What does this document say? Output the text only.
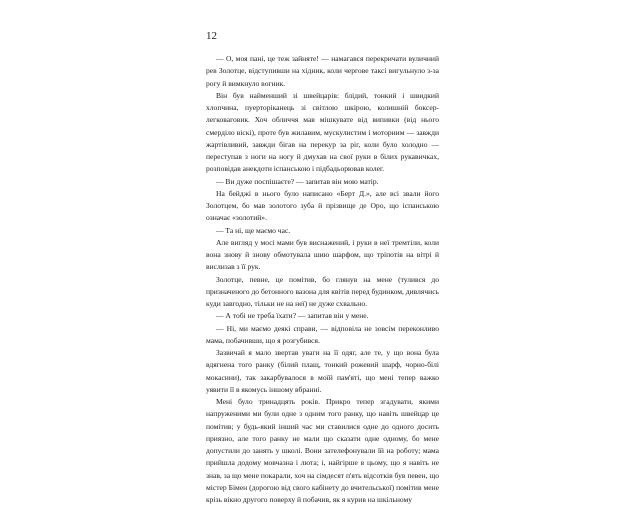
12

— О, моя пані, це теж зайняте! — намагався перекричати вуличний рев Золотце, відступивши на хідник, коли чергове таксі вигульнуло з-за рогу й вимкнуло вогник.

Він був найменший зі швейцарів: блідий, тонкий і швидкий хлопчина, пуерторіканець зі світлою шкірою, колишній боксер-легковаговик. Хоч обличчя мав мішкувате від випивки (від нього смерділо віскі), проте був жилавим, мускулистим і моторним — завжди жартівливий, завжди бігав на перекур за ріг, коли було холодно — переступав з ноги на ногу й дмухав на свої руки в білих рукавичках, розповідав анекдоти іспанською і підбадьорював колег.

— Ви дуже поспішаєте? — запитав він мою матір.

На бейджі в нього було написано «Берт Д.», але всі звали його Золотцем, бо мав золотого зуба й прізвище де Оро, що іспанською означає «золотий».

— Та ні, ще маємо час.

Але вигляд у мосі мами був виснажений, і руки в неї тремтіли, коли вона знову й знову обмотувала шию шарфом, що тріпотів на вітрі й вислизав з її рук.

Золотце, певне, це помітив, бо глянув на мене (тулився до призначеного до бетонного вазона для квітів перед будинком, дивлячись куди завгодно, тільки не на неї) не дуже схвально.

— А тобі не треба їхати? — запитав він у мене.

— Ні, ми маємо деякі справи, — відповіла не зовсім переконливо мама, побачивши, що я розгубився.

Зазвичай я мало звертав уваги на її одяг, але те, у що вона була вдягнена того ранку (білий плащ, тонкий рожевий шарф, чорно-білі мокасини), так закарбувалося в моїй пам'яті, що мені тепер важко уявити її в якомусь іншому вбранні.

Мені було тринадцять років. Прикро тепер згадувати, якими напруженими ми були одне з одним того ранку, що навіть швейцар це помітив; у будь-який інший час ми ставилися одне до одного досить приязно, але того ранку не мали що сказати одне одному, бо мене допустили до занять у школі. Вони зателефонували їй на роботу; мама прийшла додому мовчазна і люта; і, найгірше в цьому, що я навіть не знав, за що мене покарали, хоч на сімдесят п'ять відсотків був певен, що містер Бімен (дорогою від свого кабінету до вчительської) помітив мене крізь вікно другого поверху й побачив, як я курив на шкільному
